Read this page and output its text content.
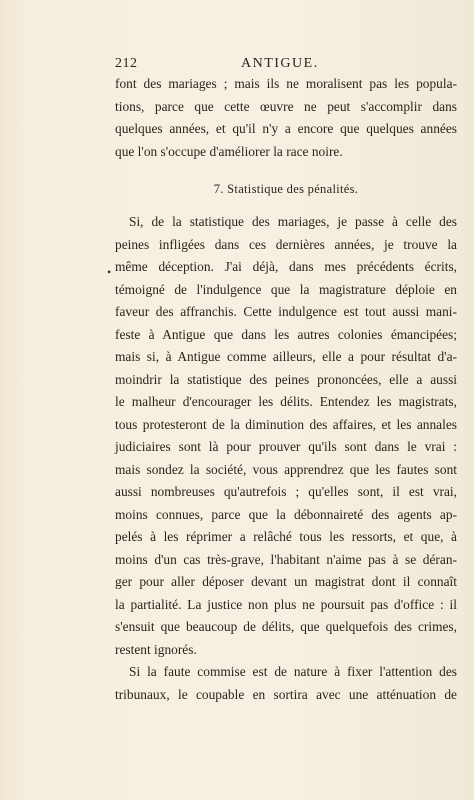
212	ANTIGUE.
font des mariages ; mais ils ne moralisent pas les popula-
tions, parce que cette œuvre ne peut s'accomplir dans
quelques années, et qu'il n'y a encore que quelques années
que l'on s'occupe d'améliorer la race noire.
7. Statistique des pénalités.
•
Si, de la statistique des mariages, je passe à celle des
peines infligées dans ces dernières années, je trouve la
même déception. J'ai déjà, dans mes précédents écrits,
témoigné de l'indulgence que la magistrature déploie en
faveur des affranchis. Cette indulgence est tout aussi mani-
feste à Antigue que dans les autres colonies émancipées;
mais si, à Antigue comme ailleurs, elle a pour résultat d'a-
moindrir la statistique des peines prononcées, elle a aussi
le malheur d'encourager les délits. Entendez les magistrats,
tous protesteront de la diminution des affaires, et les annales
judiciaires sont là pour prouver qu'ils sont dans le vrai :
mais sondez la société, vous apprendrez que les fautes sont
aussi nombreuses qu'autrefois ; qu'elles sont, il est vrai,
moins connues, parce que la débonnaireté des agents ap-
pelés à les réprimer a relâché tous les ressorts, et que, à
moins d'un cas très-grave, l'habitant n'aime pas à se déran-
ger pour aller déposer devant un magistrat dont il connaît
la partialité. La justice non plus ne poursuit pas d'office : il
s'ensuit que beaucoup de délits, que quelquefois des crimes,
restent ignorés.
Si la faute commise est de nature à fixer l'attention des
tribunaux, le coupable en sortira avec une atténuation de
